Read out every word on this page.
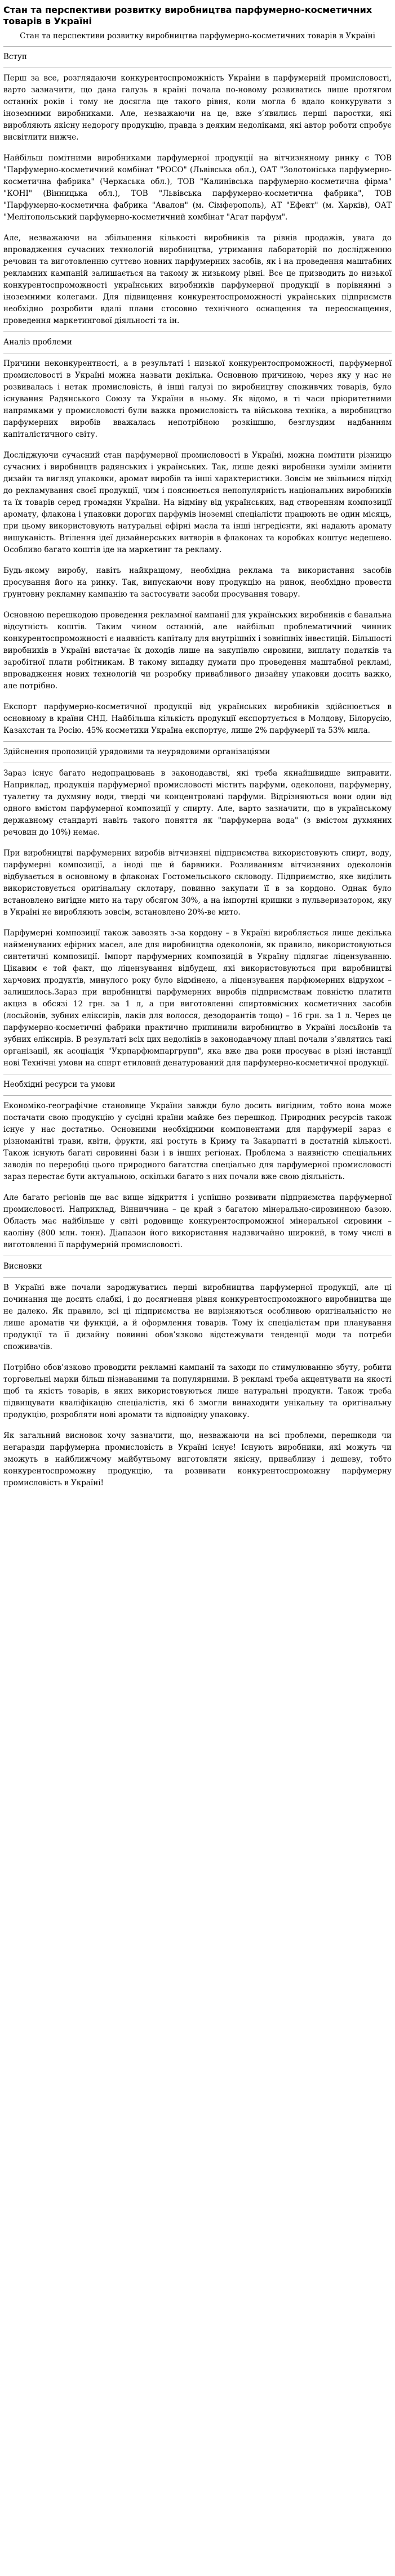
Стан та перспективи розвитку виробництва парфумерно-косметичних товарів в Україні
Стан та перспективи розвитку виробництва парфумерно-косметичних товарів в Україні
Вступ

Перш за все, розглядаючи конкурентоспроможність України в парфумерній промисловості, варто зазначити, що дана галузь в країні почала по-новому розвиватись лише протягом останніх років і тому не досягла ще такого рівня, коли могла б вдало конкурувати з іноземними виробниками. Але, незважаючи на це, вже з’явились перші паростки, які виробляють якісну недорогу продукцію, правда з деяким недоліками, які автор роботи спробує висвітлити нижче.

Найбільш помітними виробниками парфумерної продукції на вітчизняному ринку є ТОВ "Парфумерно-косметичний комбінат "РОСО" (Львівська обл.), ОАТ "Золотоніська парфумерно-косметична фабрика" (Черкаська обл.), ТОВ "Калинівська парфумерно-косметична фірма" "КОНІ" (Вінницька обл.), ТОВ "Львівська парфумерно-косметична фабрика", ТОВ "Парфумерно-косметична фабрика "Авалон" (м. Сімферополь), АТ "Ефект" (м. Харків), ОАТ "Мелітопольський парфумерно-косметичний комбінат "Агат парфум".

Але, незважаючи на збільшення кількості виробників та рівнів продажів, увага до впровадження сучасних технологій виробництва, утримання лабораторій по дослідженню речовин та виготовленню суттєво новних парфумерних засобів, як і на проведення маштабних рекламних кампаній залишається на такому ж низькому рівні. Все це призводить до низької конкурентоспроможності українських виробників парфумерної продукції в порівнянні з іноземними колегами. Для підвищення конкурентоспроможності українських підприємств необхідно розробити вдалі плани стосовно технічного оснащення та переоснащення, проведення маркетингової діяльності та ін.

Аналіз проблеми

Причини неконкурентності, а в результаті і низької конкурентоспроможності, парфумерної промисловості в Україні можна назвати декілька. Основною причиною, через яку у нас не розвивалась і нетак промисловість, й інші галузі по виробництву споживчих товарів, було існування Радянського Союзу та України в ньому. Як відомо, в ті часи пріоритетними напрямками у промисловості були важка промисловість та військова техніка, а виробництво парфумерних виробів вважалась непотрібною розкішшю, безглуздим надбанням капіталістичного світу.

Досліджуючи сучасний стан парфумерної промисловості в Україні, можна помітити різницю сучасних і виробництв радянських і українських. Так, лише деякі виробники зуміли змінити дизайн та вигляд упаковки, аромат виробів та інші характеристики. Зовсім не звільнися підхід до рекламування своєї продукції, чим і пояснюється непопулярність національних виробників та їх товарів серед громадян України. На відміну від українських, над створенням композиції аромату, флакона і упаковки дорогих парфумів іноземні спеціалісти працюють не один місяць, при цьому використовують натуральні ефірні масла та інші інгредієнти, які надають аромату вишуканість. Втілення ідеї дизайнерських витворів в флаконах та коробках коштує недешево. Особливо багато коштів іде на маркетинг та рекламу.

Будь-якому виробу, навіть найкращому, необхідна реклама та використання засобів просування його на ринку. Так, випускаючи нову продукцію на ринок, необхідно провести ґрунтовну рекламну кампанію та застосувати засоби просування товару.

Основною перешкодою проведення рекламної кампанії для українських виробників є банальна відсутність коштів. Таким чином останній, але найбільш проблематичний чинник конкурентоспроможності є наявність капіталу для внутрішніх і зовнішніх інвестицій. Більшості виробників в Україні вистачає їх доходів лише на закупівлю сировини, виплату податків та заробітної плати робітникам. В такому випадку думати про проведення маштабної рекламі, впровадження нових технологій чи розробку привабливого дизайну упаковки досить важко, але потрібно.

Експорт парфумерно-косметичної продукції від українських виробників здійснюється в основному в країни СНД. Найбільша кількість продукції експортується в Молдову, Білорусію, Казахстан та Росію. 45% косметики Україна експортує, лише 2% парфумерії та 53% мила.

Здійснення пропозицій урядовими та неурядовими організаціями

Зараз існує багато недопрацювань в законодавстві, які треба якнайшвидше виправити. Наприклад, продукція парфумерної промисловості містить парфуми, одеколони, парфумерну, туалетну та духмяну води, тверді чи концентровані парфуми. Відрізняються вони один від одного вмістом парфумерної композиції у спирту. Але, варто зазначити, що в українському державному стандарті навіть такого поняття як "парфумерна вода" (з вмістом духмяних речовин до 10%) немає.

При виробництві парфумерних виробів вітчизняні підприємства використовують спирт, воду, парфумерні композиції, а іноді ще й барвники. Розливанням вітчизняних одеколонів відбувається в основному в флаконах Гостомельського скловоду. Підприємство, яке виділить використовується оригінальну склотару, повинно закупати її в за кордоно. Однак було встановлено вигідне мито на тару обсягом 30%, а на імпортні кришки з пульверизатором, яку в Україні не виробляють зовсім, встановлено 20%-ве мито.

Парфумерні композиції також завозять з-за кордону – в Україні виробляється лише декілька найменуваних ефірних масел, але для виробництва одеколонів, як правило, використовуються синтетичні композиції. Імпорт парфумерних композицій в Україну підлягає ліцензуванню. Цікавим є той факт, що ліцензування відбудеш, які використовуються при виробництві харчових продуктів, минулого року було відмінено, а ліцензування парфюмерних відрухом – залишилось.Зараз при виробництві парфумерних виробів підприємствам повністю платити акциз в обсязі 12 грн. за 1 л, а при виготовленні спиртовмісних косметичних засобів (лосьйонів, зубних еліксирів, лаків для волосся, дезодорантів тощо) – 16 грн. за 1 л. Через це парфумерно-косметичні фабрики практично припинили виробництво в Україні лосьйонів та зубних еліксирів. В результаті всіх цих недоліків в законодавчому плані почали з’являтись такі організації, як асоціація "Укрпарфюмпаргрупп", яка вже два роки просуває в різні інстанції нові Технічні умови на спирт етиловий денатурований для парфумерно-косметичної продукції.

Необхідні ресурси та умови

Економіко-географічне становище України завжди було досить вигідним, тобто вона може постачати свою продукцію у сусідні країни майже без перешкод. Природних ресурсів також існує у нас достатньо. Основними необхідними компонентами для парфумерії зараз є різноманітні трави, квіти, фрукти, які ростуть в Криму та Закарпатті в достатній кількості. Також існують багаті сировинні бази і в інших регіонах. Проблема з наявністю спеціальних заводів по переробці цього природного багатства спеціально для парфумерної промисловості зараз перестає бути актуальною, оскільки багато з них почали вже свою діяльність.

Але багато регіонів ще вас вище відкриття і успішно розвивати підприємства парфумерної промисловості. Наприклад, Вінниччина – це край з багатою мінерально-сировинною базою. Область має найбільше у світі родовище конкурентоспроможної мінеральної сировини – каоліну (800 млн. тонн). Діапазон його використання надзвичайно широкий, в тому числі в виготовленні її парфумерній промисловості.

Висновки

В Україні вже почали зароджуватись перші виробництва парфумерної продукції, але ці починання ще досить слабкі, і до досягнення рівня конкурентоспроможного виробництва ще не далеко. Як правило, всі ці підприємства не вирізняються особливою оригінальністю не лише ароматів чи функцій, а й оформлення товарів. Тому їх спеціалістам при планування продукції та її дизайну повинні обов’язково відстежувати тенденції моди та потреби споживачів.

Потрібно обов’язково проводити рекламні кампанії та заходи по стимулюванню збуту, робити торговельні марки більш пізнаваними та популярними. В рекламі треба акцентувати на якості щоб та якість товарів, в яких використовуються лише натуральні продукти. Також треба підвищувати кваліфікацію спеціалістів, які б змогли винаходити унікальну та оригінальну продукцію, розробляти нові аромати та відповідну упаковку.

Як загальний висновок хочу зазначити, що, незважаючи на всі проблеми, перешкоди чи негаразди парфумерна промисловість в Україні існує! Існують виробники, які можуть чи зможуть в найближчому майбутньому виготовляти якісну, привабливу і дешеву, тобто конкурентоспроможну продукцію, та розвивати конкурентоспроможну парфумерну промисловість в Україні!
